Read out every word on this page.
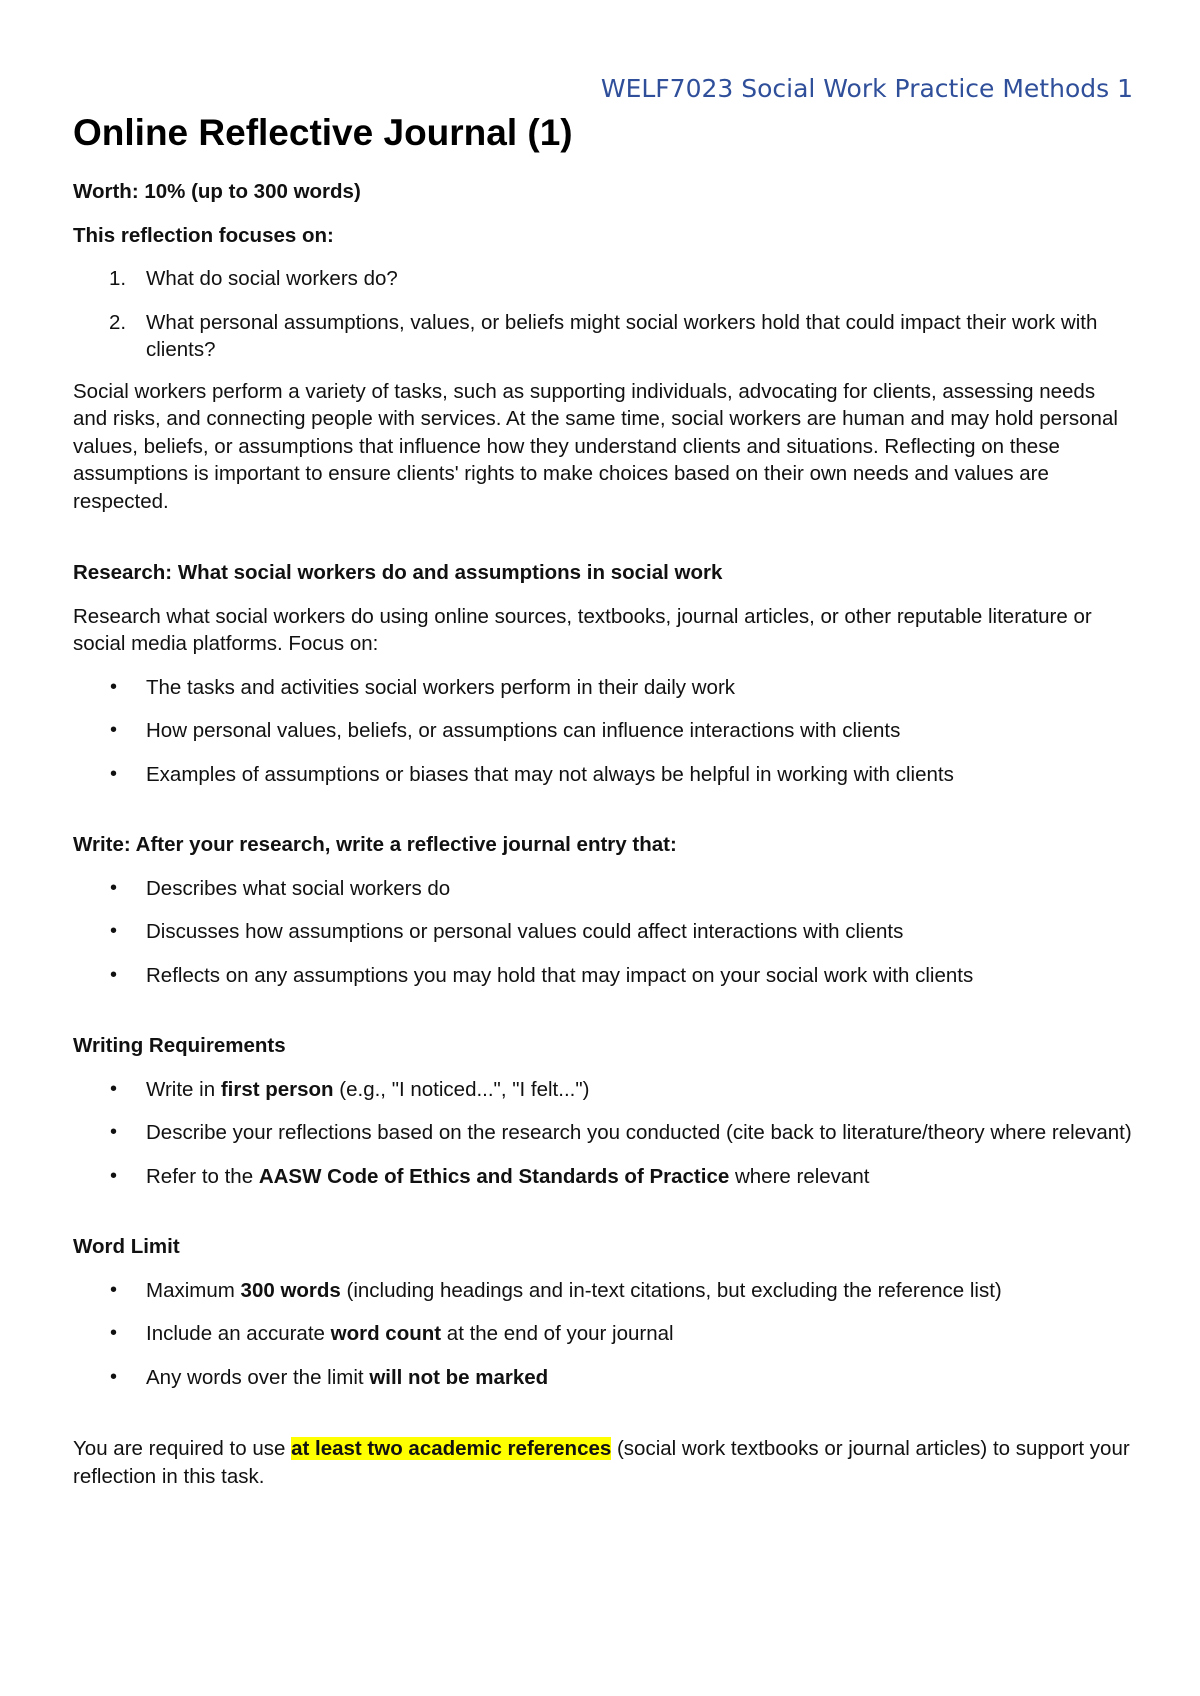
WELF7023 Social Work Practice Methods 1
Online Reflective Journal (1)

Worth: 10% (up to 300 words)

This reflection focuses on:

1. What do social workers do?
2. What personal assumptions, values, or beliefs might social workers hold that could impact their work with clients?

Social workers perform a variety of tasks, such as supporting individuals, advocating for clients, assessing needs and risks, and connecting people with services. At the same time, social workers are human and may hold personal values, beliefs, or assumptions that influence how they understand clients and situations. Reflecting on these assumptions is important to ensure clients' rights to make choices based on their own needs and values are respected.

Research: What social workers do and assumptions in social work

Research what social workers do using online sources, textbooks, journal articles, or other reputable literature or social media platforms. Focus on:

• The tasks and activities social workers perform in their daily work
• How personal values, beliefs, or assumptions can influence interactions with clients
• Examples of assumptions or biases that may not always be helpful in working with clients

Write: After your research, write a reflective journal entry that:

• Describes what social workers do
• Discusses how assumptions or personal values could affect interactions with clients
• Reflects on any assumptions you may hold that may impact on your social work with clients

Writing Requirements

• Write in first person (e.g., "I noticed...", "I felt...")
• Describe your reflections based on the research you conducted (cite back to literature/theory where relevant)
• Refer to the AASW Code of Ethics and Standards of Practice where relevant

Word Limit

• Maximum 300 words (including headings and in-text citations, but excluding the reference list)
• Include an accurate word count at the end of your journal
• Any words over the limit will not be marked

You are required to use at least two academic references (social work textbooks or journal articles) to support your reflection in this task.
